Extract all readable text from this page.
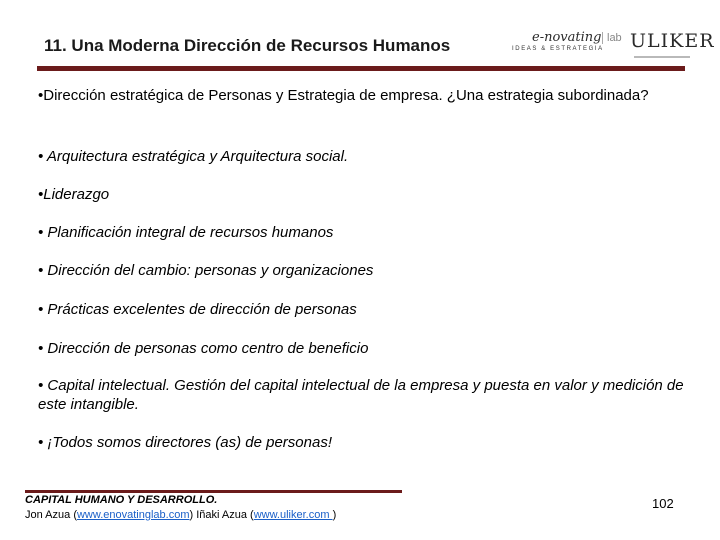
11. Una Moderna Dirección de Recursos Humanos	e-novating lab
IDEAS & ESTRATEGIA ULIKER
•Dirección estratégica de Personas y Estrategia de empresa. ¿Una estrategia subordinada?
• Arquitectura estratégica y Arquitectura social.
•Liderazgo
• Planificación integral de recursos humanos
• Dirección del cambio: personas y organizaciones
• Prácticas excelentes de dirección de personas
• Dirección de personas como centro de beneficio
• Capital intelectual. Gestión del capital intelectual de la empresa y puesta en valor y medición de este intangible.
• ¡Todos somos directores (as) de personas!
CAPITAL HUMANO Y DESARROLLO.
Jon Azua (www.enovatinglab.com) Iñaki Azua (www.uliker.com )
102
